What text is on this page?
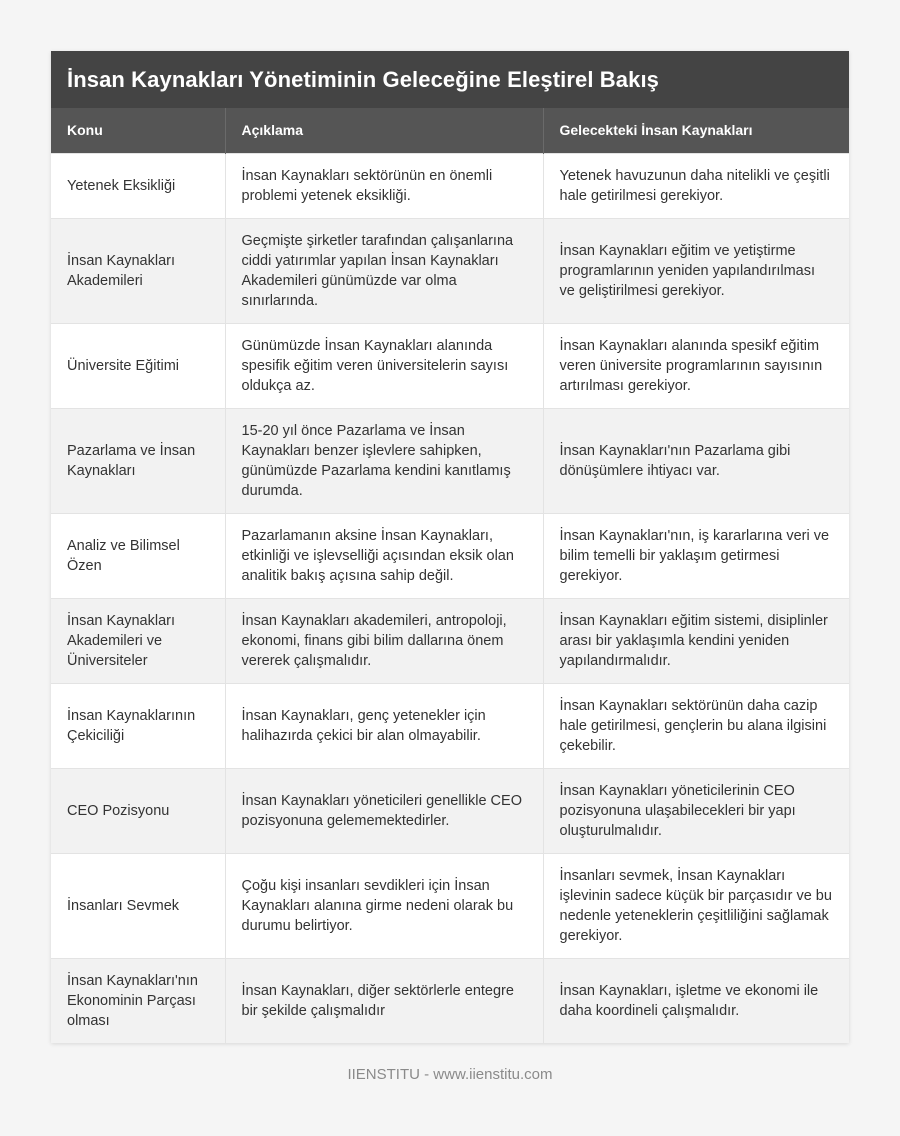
İnsan Kaynakları Yönetiminin Geleceğine Eleştirel Bakış
Konu	Açıklama	Gelecekteki İnsan Kaynakları
Yetenek Eksikliği	İnsan Kaynakları sektörünün en önemli problemi yetenek eksikliği.	Yetenek havuzunun daha nitelikli ve çeşitli hale getirilmesi gerekiyor.
İnsan Kaynakları Akademileri	Geçmişte şirketler tarafından çalışanlarına ciddi yatırımlar yapılan İnsan Kaynakları Akademileri günümüzde var olma sınırlarında.	İnsan Kaynakları eğitim ve yetiştirme programlarının yeniden yapılandırılması ve geliştirilmesi gerekiyor.
Üniversite Eğitimi	Günümüzde İnsan Kaynakları alanında spesifik eğitim veren üniversitelerin sayısı oldukça az.	İnsan Kaynakları alanında spesikf eğitim veren üniversite programlarının sayısının artırılması gerekiyor.
Pazarlama ve İnsan Kaynakları	15-20 yıl önce Pazarlama ve İnsan Kaynakları benzer işlevlere sahipken, günümüzde Pazarlama kendini kanıtlamış durumda.	İnsan Kaynakları'nın Pazarlama gibi dönüşümlere ihtiyacı var.
Analiz ve Bilimsel Özen	Pazarlamanın aksine İnsan Kaynakları, etkinliği ve işlevselliği açısından eksik olan analitik bakış açısına sahip değil.	İnsan Kaynakları'nın, iş kararlarına veri ve bilim temelli bir yaklaşım getirmesi gerekiyor.
İnsan Kaynakları Akademileri ve Üniversiteler	İnsan Kaynakları akademileri, antropoloji, ekonomi, finans gibi bilim dallarına önem vererek çalışmalıdır.	İnsan Kaynakları eğitim sistemi, disiplinler arası bir yaklaşımla kendini yeniden yapılandırmalıdır.
İnsan Kaynaklarının Çekiciliği	İnsan Kaynakları, genç yetenekler için halihazırda çekici bir alan olmayabilir.	İnsan Kaynakları sektörünün daha cazip hale getirilmesi, gençlerin bu alana ilgisini çekebilir.
CEO Pozisyonu	İnsan Kaynakları yöneticileri genellikle CEO pozisyonuna gelememektedirler.	İnsan Kaynakları yöneticilerinin CEO pozisyonuna ulaşabilecekleri bir yapı oluşturulmalıdır.
İnsanları Sevmek	Çoğu kişi insanları sevdikleri için İnsan Kaynakları alanına girme nedeni olarak bu durumu belirtiyor.	İnsanları sevmek, İnsan Kaynakları işlevinin sadece küçük bir parçasıdır ve bu nedenle yeteneklerin çeşitliliğini sağlamak gerekiyor.
İnsan Kaynakları'nın Ekonominin Parçası olması	İnsan Kaynakları, diğer sektörlerle entegre bir şekilde çalışmalıdır	İnsan Kaynakları, işletme ve ekonomi ile daha koordineli çalışmalıdır.
IIENSTITU - www.iienstitu.com
